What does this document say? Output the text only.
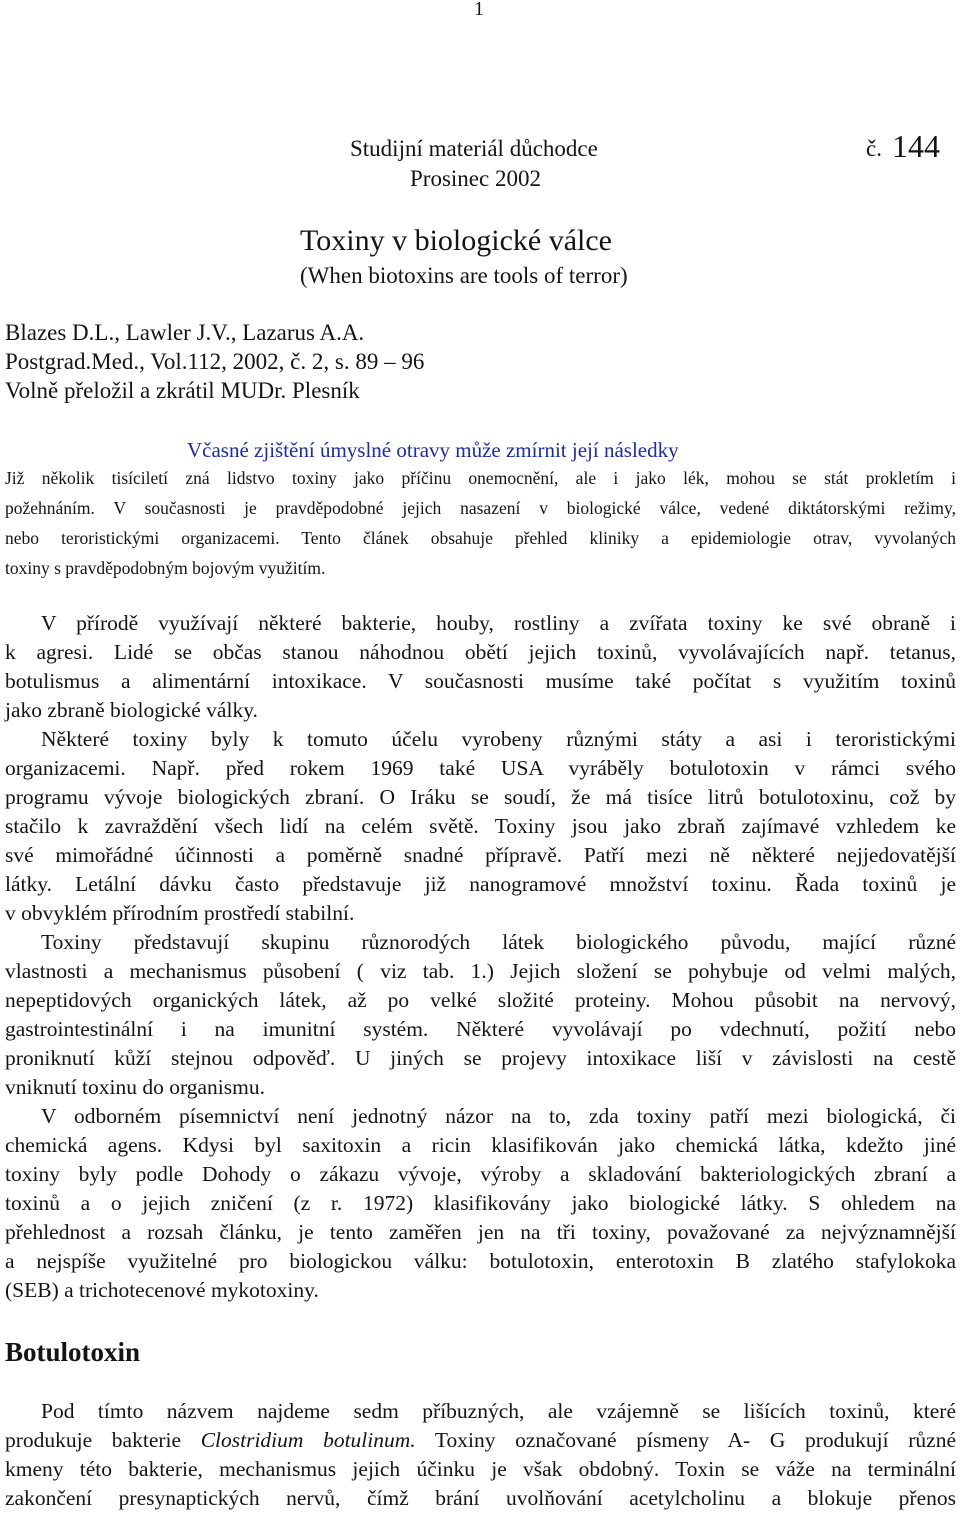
1
Studijní materiál důchodce	č. 144
Prosinec 2002
Toxiny v biologické válce
(When biotoxins are tools of terror)
Blazes D.L., Lawler J.V., Lazarus A.A.
Postgrad.Med., Vol.112, 2002, č. 2, s. 89 – 96
Volně přeložil a zkrátil MUDr. Plesník
Včasné zjištění úmyslné otravy může zmírnit její následky
Již několik tisíciletí zná lidstvo toxiny jako příčinu onemocnění, ale i jako lék, mohou se stát prokletím i
požehnáním. V současnosti je pravděpodobné jejich nasazení v biologické válce, vedené diktátorskými režimy,
nebo teroristickými organizacemi. Tento článek obsahuje přehled kliniky a epidemiologie otrav, vyvolaných
toxiny s pravděpodobným bojovým využitím.
V přírodě využívají některé bakterie, houby, rostliny a zvířata toxiny ke své obraně i
k agresi. Lidé se občas stanou náhodnou obětí jejich toxinů, vyvolávajících např. tetanus,
botulismus a alimentární intoxikace. V současnosti musíme také počítat s využitím toxinů
jako zbraně biologické války.
Některé toxiny byly k tomuto účelu vyrobeny různými státy a asi i teroristickými
organizacemi. Např. před rokem 1969 také USA vyráběly botulotoxin v rámci svého
programu vývoje biologických zbraní. O Iráku se soudí, že má tisíce litrů botulotoxinu, což by
stačilo k zavraždění všech lidí na celém světě. Toxiny jsou jako zbraň zajímavé vzhledem ke
své mimořádné účinnosti a poměrně snadné přípravě. Patří mezi ně některé nejjedovatější
látky. Letální dávku často představuje již nanogramové množství toxinu. Řada toxinů je
v obvyklém přírodním prostředí stabilní.
Toxiny představují skupinu různorodých látek biologického původu, mající různé
vlastnosti a mechanismus působení ( viz tab. 1.) Jejich složení se pohybuje od velmi malých,
nepeptidových organických látek, až po velké složité proteiny. Mohou působit na nervový,
gastrointestinální i na imunitní systém. Některé vyvolávají po vdechnutí, požití nebo
proniknutí kůží stejnou odpověď. U jiných se projevy intoxikace liší v závislosti na cestě
vniknutí toxinu do organismu.
V odborném písemnictví není jednotný názor na to, zda toxiny patří mezi biologická, či
chemická agens. Kdysi byl saxitoxin a ricin klasifikován jako chemická látka, kdežto jiné
toxiny byly podle Dohody o zákazu vývoje, výroby a skladování bakteriologických zbraní a
toxinů a o jejich zničení (z r. 1972) klasifikovány jako biologické látky. S ohledem na
přehlednost a rozsah článku, je tento zaměřen jen na tři toxiny, považované za nejvýznamnější
a nejspíše využitelné pro biologickou válku: botulotoxin, enterotoxin B zlatého stafylokoka
(SEB) a trichotecenové mykotoxiny.
Botulotoxin
Pod tímto názvem najdeme sedm příbuzných, ale vzájemně se lišících toxinů, které
produkuje bakterie Clostridium botulinum. Toxiny označované písmeny A- G produkují různé
kmeny této bakterie, mechanismus jejich účinku je však obdobný. Toxin se váže na terminální
zakončení presynaptických nervů, čímž brání uvolňování acetylcholinu a blokuje přenos
